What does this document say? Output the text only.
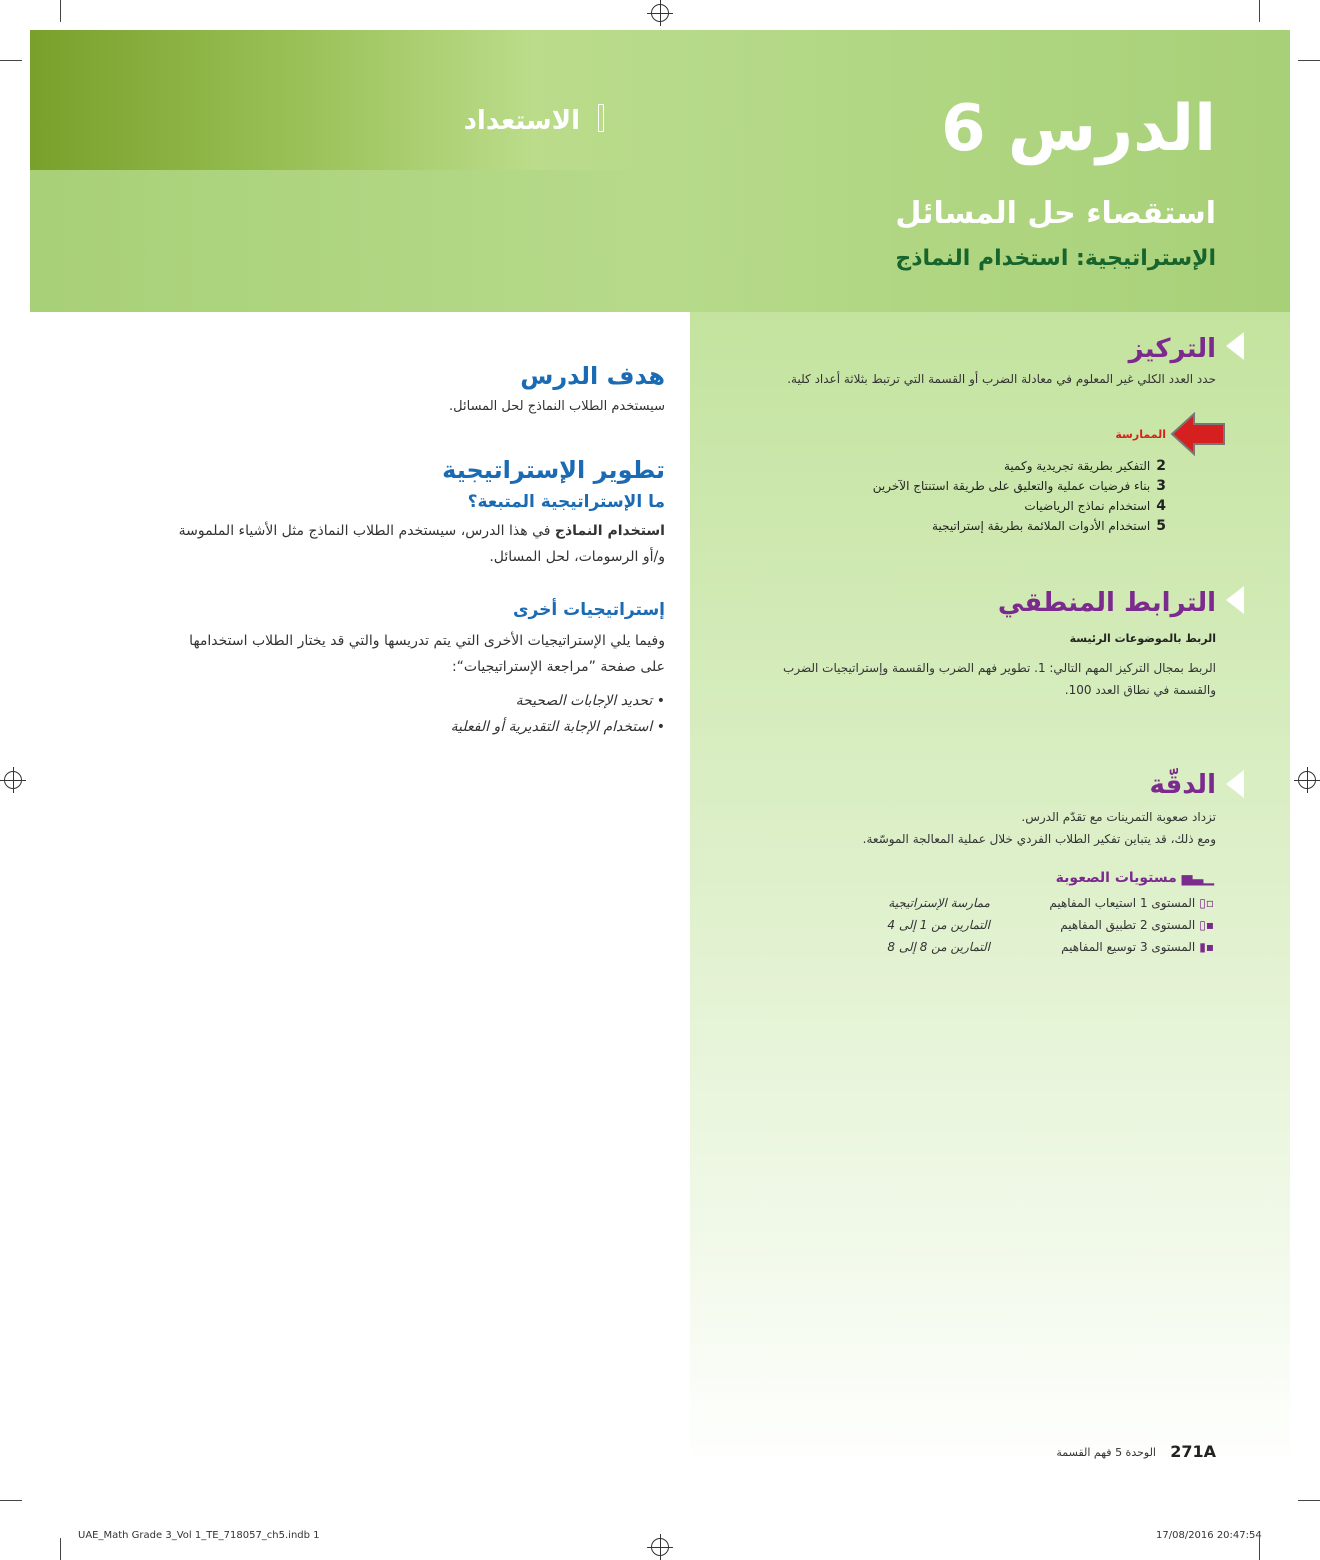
الاستعداد	الدرس 6
استقصاء حل المسائل
الإستراتيجية: استخدام النماذج
التركيز
حدد العدد الكلي غير المعلوم في معادلة الضرب أو القسمة التي ترتبط بثلاثة أعداد كلية.
الممارسة
2التفكير بطريقة تجريدية وكمية
3بناء فرضيات عملية والتعليق على طريقة استنتاج الآخرين
4استخدام نماذج الرياضيات
5استخدام الأدوات الملائمة بطريقة إستراتيجية
الترابط المنطقي
الربط بالموضوعات الرئيسة
الربط بمجال التركيز المهم التالي: 1. تطوير فهم الضرب والقسمة وإستراتيجيات الضرب
والقسمة في نطاق العدد 100.
الدقّة
تزداد صعوبة التمرينات مع تقدّم الدرس.
ومع ذلك، قد يتباين تفكير الطلاب الفردي خلال عملية المعالجة الموسّعة.
▁▃▅ مستويات الصعوبة
▫▯المستوى 1 استيعاب المفاهيم
ممارسة الإستراتيجية
▪▯المستوى 2 تطبيق المفاهيم
التمارين من 1 إلى 4
▪▮المستوى 3 توسيع المفاهيم
التمارين من 8 إلى 8
هدف الدرس
سيستخدم الطلاب النماذج لحل المسائل.
تطوير الإستراتيجية
ما الإستراتيجية المتبعة؟
استخدام النماذج في هذا الدرس، سيستخدم الطلاب النماذج مثل الأشياء الملموسة و/أو الرسومات، لحل المسائل.
إستراتيجيات أخرى
وفيما يلي الإستراتيجيات الأخرى التي يتم تدريسها والتي قد يختار الطلاب استخدامها على صفحة ”مراجعة الإستراتيجيات“:
• تحديد الإجابات الصحيحة
• استخدام الإجابة التقديرية أو الفعلية
271A
الوحدة 5 فهم القسمة
UAE_Math Grade 3_Vol 1_TE_718057_ch5.indb 1	17/08/2016 20:47:54
